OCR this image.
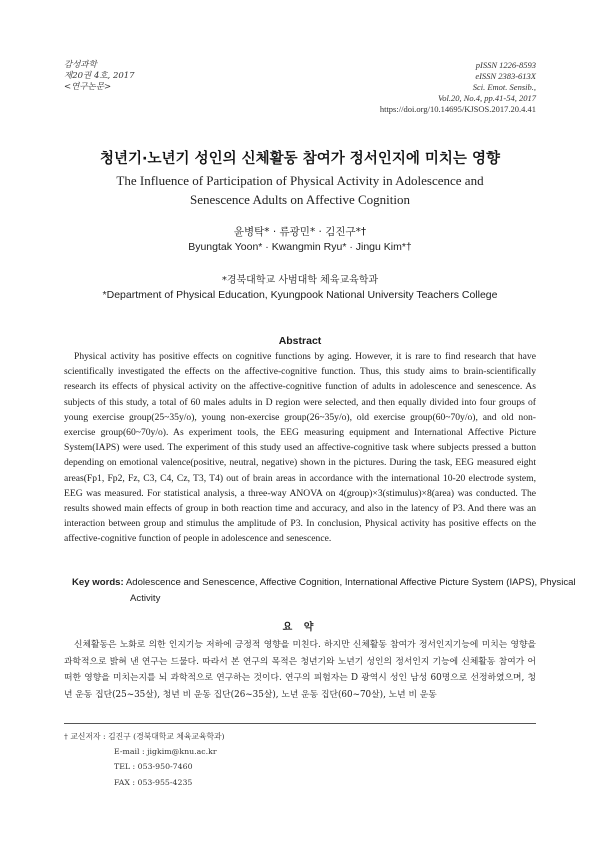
감성과학
제20권 4호, 2017
<연구논문>
pISSN 1226-8593
eISSN 2383-613X
Sci. Emot. Sensib.,
Vol.20, No.4, pp.41-54, 2017
https://doi.org/10.14695/KJSOS.2017.20.4.41
청년기·노년기 성인의 신체활동 참여가 정서인지에 미치는 영향
The Influence of Participation of Physical Activity in Adolescence and
Senescence Adults on Affective Cognition
윤병탁* · 류광민* · 김진구*†
Byungtak Yoon* · Kwangmin Ryu* · Jingu Kim*†
*경북대학교 사범대학 체육교육학과
*Department of Physical Education, Kyungpook National University Teachers College
Abstract
Physical activity has positive effects on cognitive functions by aging. However, it is rare to find research that have scientifically investigated the effects on the affective-cognitive function. Thus, this study aims to brain-scientifically research its effects of physical activity on the affective-cognitive function of adults in adolescence and senescence. As subjects of this study, a total of 60 males adults in D region were selected, and then equally divided into four groups of young exercise group(25~35y/o), young non-exercise group(26~35y/o), old exercise group(60~70y/o), and old non-exercise group(60~70y/o). As experiment tools, the EEG measuring equipment and International Affective Picture System(IAPS) were used. The experiment of this study used an affective-cognitive task where subjects pressed a button depending on emotional valence(positive, neutral, negative) shown in the pictures. During the task, EEG measured eight areas(Fp1, Fp2, Fz, C3, C4, Cz, T3, T4) out of brain areas in accordance with the international 10-20 electrode system, EEG was measured. For statistical analysis, a three-way ANOVA on 4(group)×3(stimulus)×8(area) was conducted. The results showed main effects of group in both reaction time and accuracy, and also in the latency of P3. And there was an interaction between group and stimulus the amplitude of P3. In conclusion, Physical activity has positive effects on the affective-cognitive function of people in adolescence and senescence.
Key words: Adolescence and Senescence, Affective Cognition, International Affective Picture System (IAPS), Physical Activity
요 약
신체활동은 노화로 의한 인지기능 저하에 긍정적 영향을 미친다. 하지만 신체활동 참여가 정서인지기능에 미치는 영향을 과학적으로 밝혀 낸 연구는 드물다. 따라서 본 연구의 목적은 청년기와 노년기 성인의 정서인지 기능에 신체활동 참여가 어떠한 영향을 미치는지를 뇌 과학적으로 연구하는 것이다. 연구의 피험자는 D 광역시 성인 남성 60명으로 선정하였으며, 청년 운동 집단(25~35살), 청년 비 운동 집단(26~35살), 노년 운동 집단(60~70살), 노년 비 운동
† 교신저자 : 김진구 (경북대학교 체육교육학과)
E-mail : jigkim@knu.ac.kr
TEL : 053-950-7460
FAX : 053-955-4235
